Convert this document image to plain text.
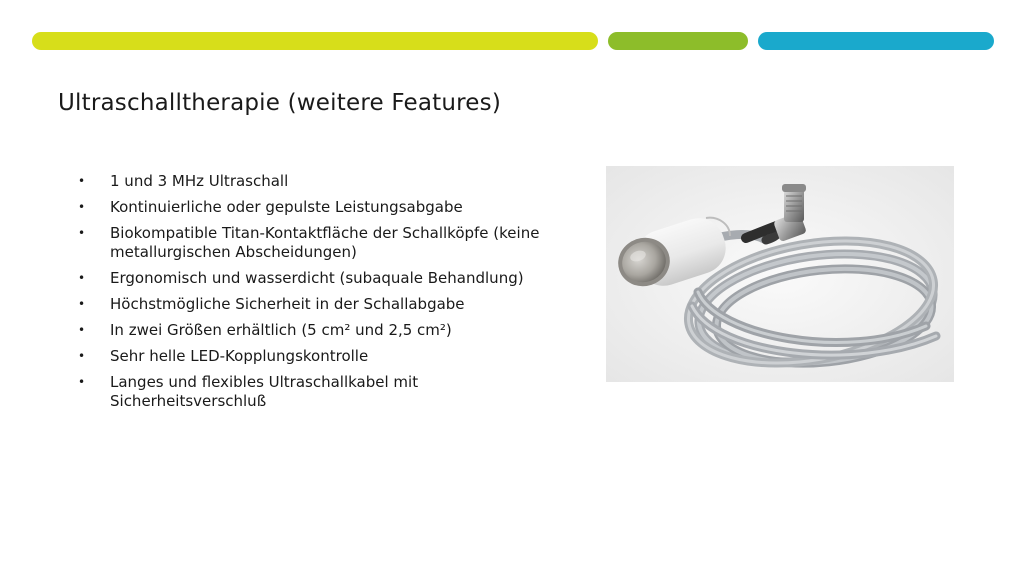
Ultraschalltherapie (weitere Features)
• 1 und 3 MHz Ultraschall
• Kontinuierliche oder gepulste Leistungsabgabe
• Biokompatible Titan-Kontaktfläche der Schallköpfe (keine metallurgischen Abscheidungen)
• Ergonomisch und wasserdicht (subaquale Behandlung)
• Höchstmögliche Sicherheit in der Schallabgabe
• In zwei Größen erhältlich (5 cm² und 2,5 cm²)
• Sehr helle LED-Kopplungskontrolle
• Langes und flexibles Ultraschallkabel mit Sicherheitsverschluß
